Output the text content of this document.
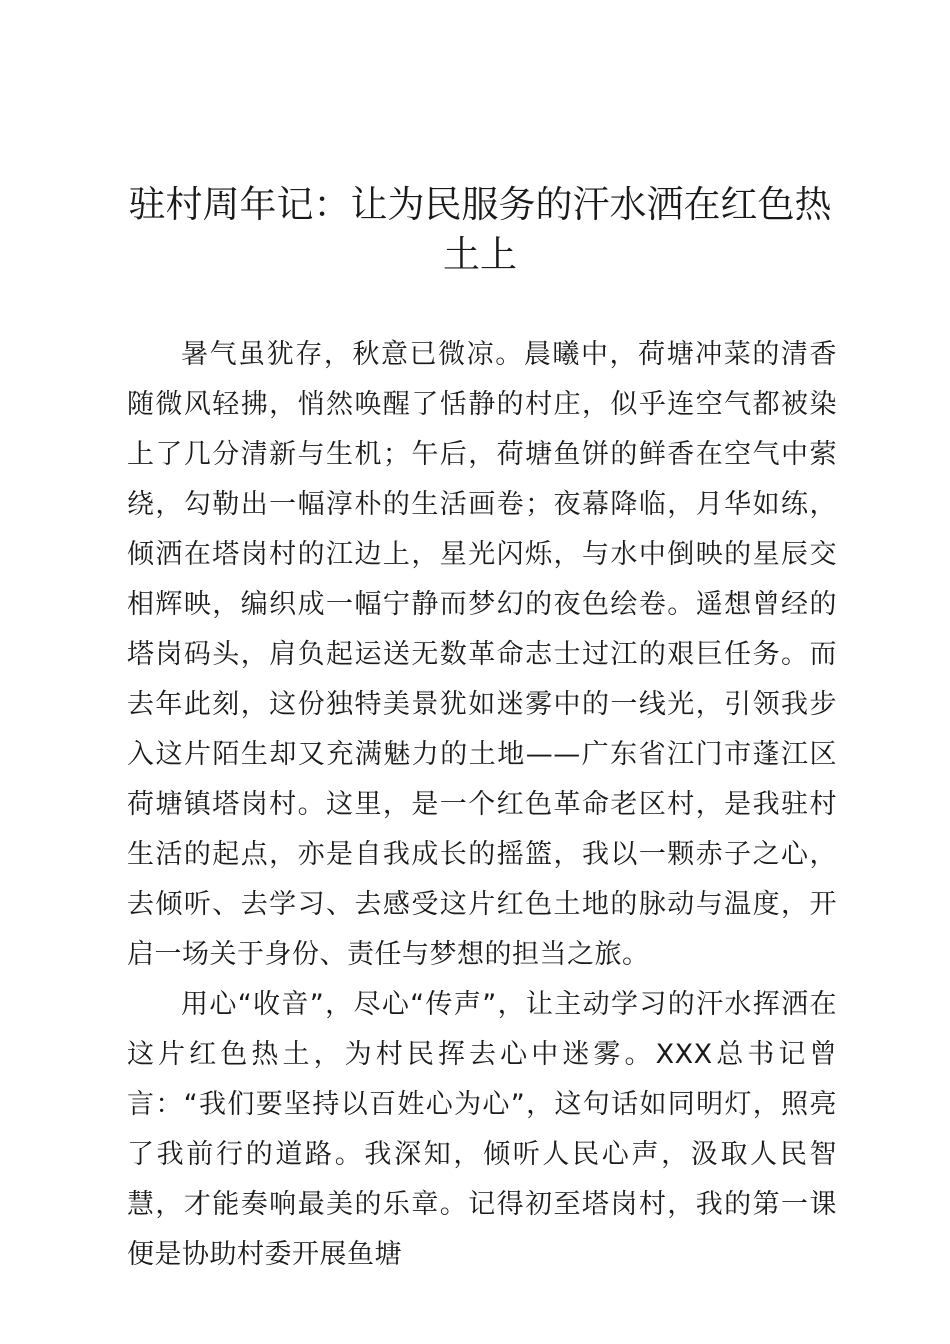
驻村周年记：让为民服务的汗水洒在红色热土上

暑气虽犹存，秋意已微凉。晨曦中，荷塘冲菜的清香随微风轻拂，悄然唤醒了恬静的村庄，似乎连空气都被染上了几分清新与生机；午后，荷塘鱼饼的鲜香在空气中萦绕，勾勒出一幅淳朴的生活画卷；夜幕降临，月华如练，倾洒在塔岗村的江边上，星光闪烁，与水中倒映的星辰交相辉映，编织成一幅宁静而梦幻的夜色绘卷。遥想曾经的塔岗码头，肩负起运送无数革命志士过江的艰巨任务。而去年此刻，这份独特美景犹如迷雾中的一线光，引领我步入这片陌生却又充满魅力的土地——广东省江门市蓬江区荷塘镇塔岗村。这里，是一个红色革命老区村，是我驻村生活的起点，亦是自我成长的摇篮，我以一颗赤子之心，去倾听、去学习、去感受这片红色土地的脉动与温度，开启一场关于身份、责任与梦想的担当之旅。

用心“收音”，尽心“传声”，让主动学习的汗水挥洒在这片红色热土，为村民挥去心中迷雾。XXX总书记曾言：“我们要坚持以百姓心为心”，这句话如同明灯，照亮了我前行的道路。我深知，倾听人民心声，汲取人民智慧，才能奏响最美的乐章。记得初至塔岗村，我的第一课便是协助村委开展鱼塘
